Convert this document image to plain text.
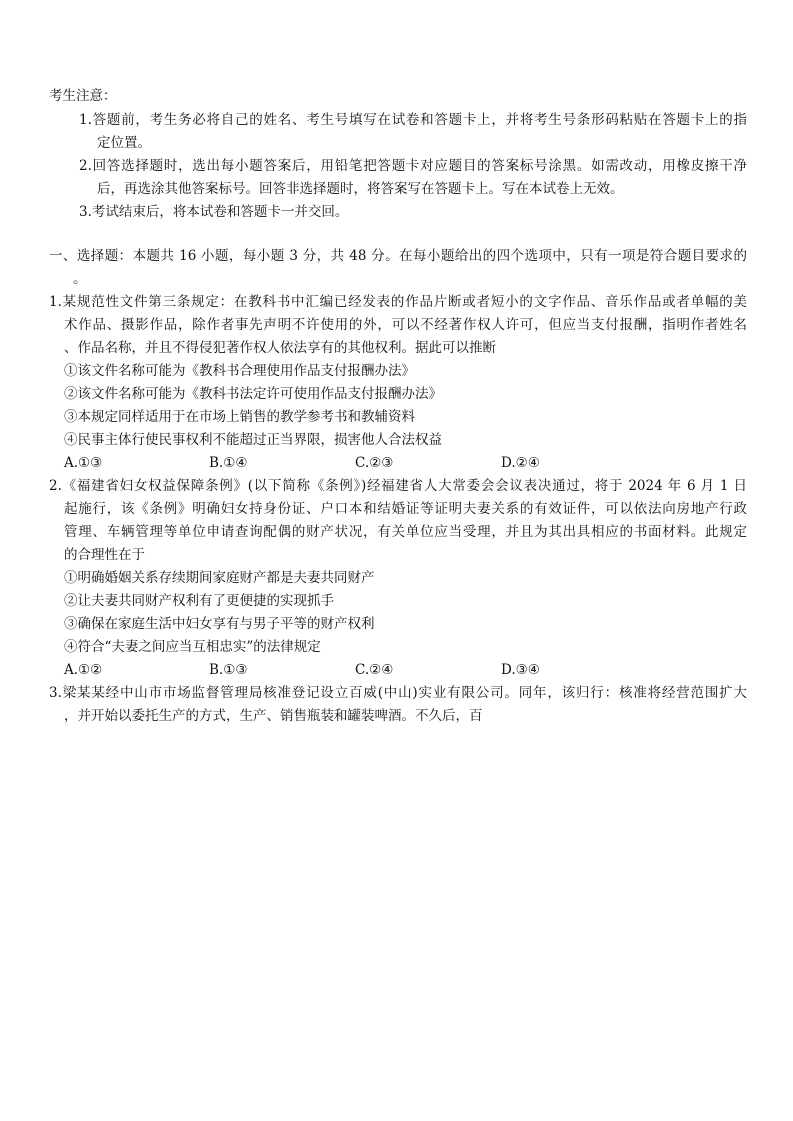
考生注意：
1.答题前，考生务必将自己的姓名、考生号填写在试卷和答题卡上，并将考生号条形码粘贴在答题卡上的指
定位置。
2.回答选择题时，选出每小题答案后，用铅笔把答题卡对应题目的答案标号涂黑。如需改动，用橡皮擦干净
后，再选涂其他答案标号。回答非选择题时，将答案写在答题卡上。写在本试卷上无效。
3.考试结束后，将本试卷和答题卡一并交回。
一、选择题：本题共 16 小题，每小题 3 分，共 48 分。在每小题给出的四个选项中，只有一项是符合题目要求的
。
1.某规范性文件第三条规定：在教科书中汇编已经发表的作品片断或者短小的文字作品、音乐作品或者单幅的美
术作品、摄影作品，除作者事先声明不许使用的外，可以不经著作权人许可，但应当支付报酬，指明作者姓名
、作品名称，并且不得侵犯著作权人依法享有的其他权利。据此可以推断
①该文件名称可能为《教科书合理使用作品支付报酬办法》
②该文件名称可能为《教科书法定许可使用作品支付报酬办法》
③本规定同样适用于在市场上销售的教学参考书和教辅资料
④民事主体行使民事权利不能超过正当界限，损害他人合法权益
A.①③	B.①④	C.②③	D.②④
2.《福建省妇女权益保障条例》(以下简称《条例》)经福建省人大常委会会议表决通过，将于 2024 年 6 月 1 日
起施行，该《条例》明确妇女持身份证、户口本和结婚证等证明夫妻关系的有效证件，可以依法向房地产行政
管理、车辆管理等单位申请查询配偶的财产状况，有关单位应当受理，并且为其出具相应的书面材料。此规定
的合理性在于
①明确婚姻关系存续期间家庭财产都是夫妻共同财产
②让夫妻共同财产权利有了更便捷的实现抓手
③确保在家庭生活中妇女享有与男子平等的财产权利
④符合“夫妻之间应当互相忠实”的法律规定
A.①②	B.①③	C.②④	D.③④
3.梁某某经中山市市场监督管理局核准登记设立百威(中山)实业有限公司。同年，该归行：核准将经营范围扩大
，并开始以委托生产的方式，生产、销售瓶装和罐装啤酒。不久后，百
